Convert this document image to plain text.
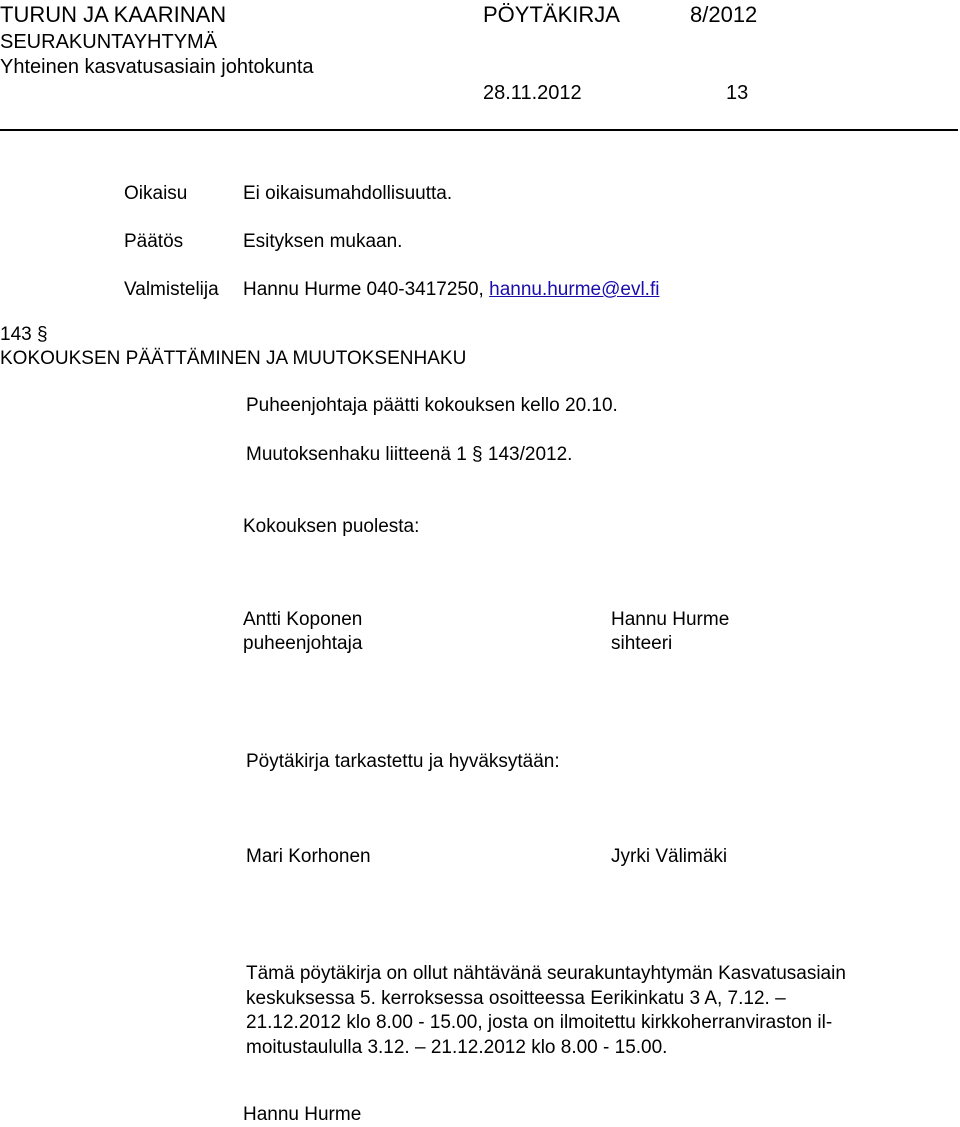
TURUN JA KAARINAN
SEURAKUNTAYHTYMÄ
Yhteinen kasvatusasiain johtokunta
PÖYTÄKIRJA	8/2012
28.11.2012	13
Oikaisu	Ei oikaisumahdollisuutta.
Päätös	Esityksen mukaan.
Valmistelija Hannu Hurme 040-3417250, hannu.hurme@evl.fi
143 §
KOKOUKSEN PÄÄTTÄMINEN JA MUUTOKSENHAKU
Puheenjohtaja päätti kokouksen kello 20.10.
Muutoksenhaku liitteenä 1 § 143/2012.
Kokouksen puolesta:
Antti Koponen
puheenjohtaja
Hannu Hurme
sihteeri
Pöytäkirja tarkastettu ja hyväksytään:
Mari Korhonen	Jyrki Välimäki
Tämä pöytäkirja on ollut nähtävänä seurakuntayhtymän Kasvatusasiain
keskuksessa 5. kerroksessa osoitteessa Eerikinkatu 3 A, 7.12. –
21.12.2012 klo 8.00 - 15.00, josta on ilmoitettu kirkkoherranviraston il-
moitustaululla 3.12. – 21.12.2012 klo 8.00 - 15.00.
Hannu Hurme
